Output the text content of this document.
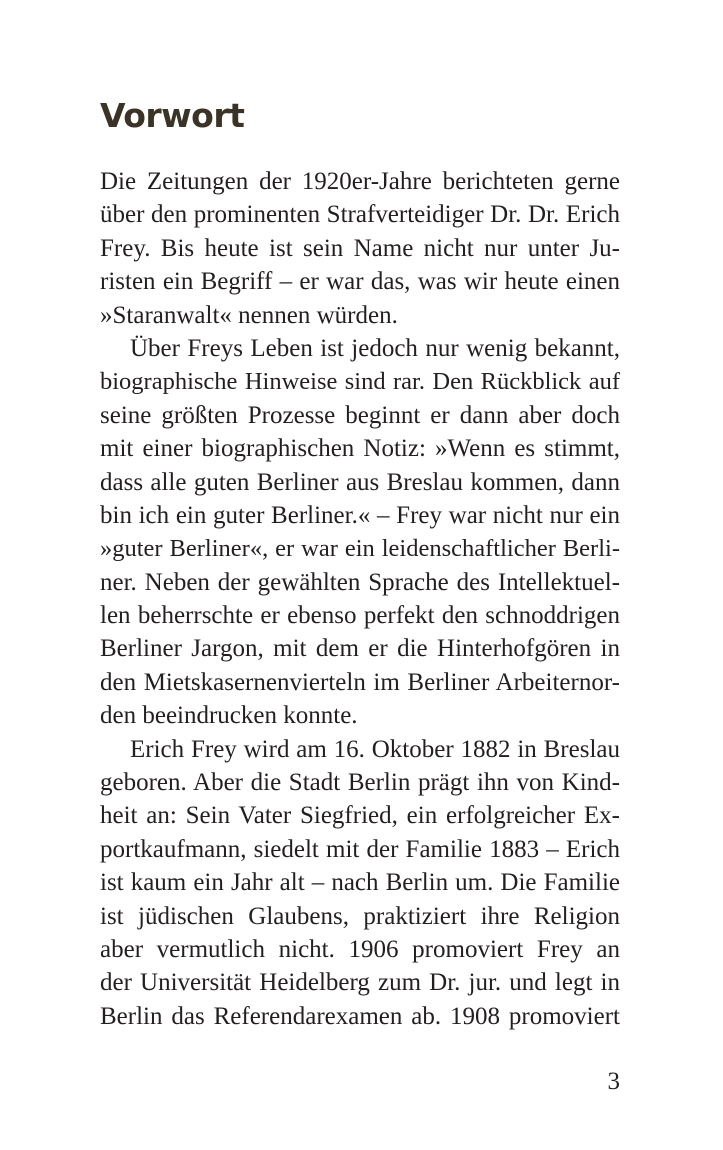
Vorwort
Die Zeitungen der 1920er-Jahre berichteten gerne
über den prominenten Strafverteidiger Dr. Dr. Erich
Frey. Bis heute ist sein Name nicht nur unter Ju-
risten ein Begriff – er war das, was wir heute einen
»Staranwalt« nennen würden.
Über Freys Leben ist jedoch nur wenig bekannt,
biographische Hinweise sind rar. Den Rückblick auf
seine größten Prozesse beginnt er dann aber doch
mit einer biographischen Notiz: »Wenn es stimmt,
dass alle guten Berliner aus Breslau kommen, dann
bin ich ein guter Berliner.« – Frey war nicht nur ein
»guter Berliner«, er war ein leidenschaftlicher Berli-
ner. Neben der gewählten Sprache des Intellektuel-
len beherrschte er ebenso perfekt den schnoddrigen
Berliner Jargon, mit dem er die Hinterhofgören in
den Mietskasernenvierteln im Berliner Arbeiternor-
den beeindrucken konnte.
Erich Frey wird am 16. Oktober 1882 in Breslau
geboren. Aber die Stadt Berlin prägt ihn von Kind-
heit an: Sein Vater Siegfried, ein erfolgreicher Ex-
portkaufmann, siedelt mit der Familie 1883 – Erich
ist kaum ein Jahr alt – nach Berlin um. Die Familie
ist jüdischen Glaubens, praktiziert ihre Religion
aber vermutlich nicht. 1906 promoviert Frey an
der Universität Heidelberg zum Dr. jur. und legt in
Berlin das Referendarexamen ab. 1908 promoviert
3
